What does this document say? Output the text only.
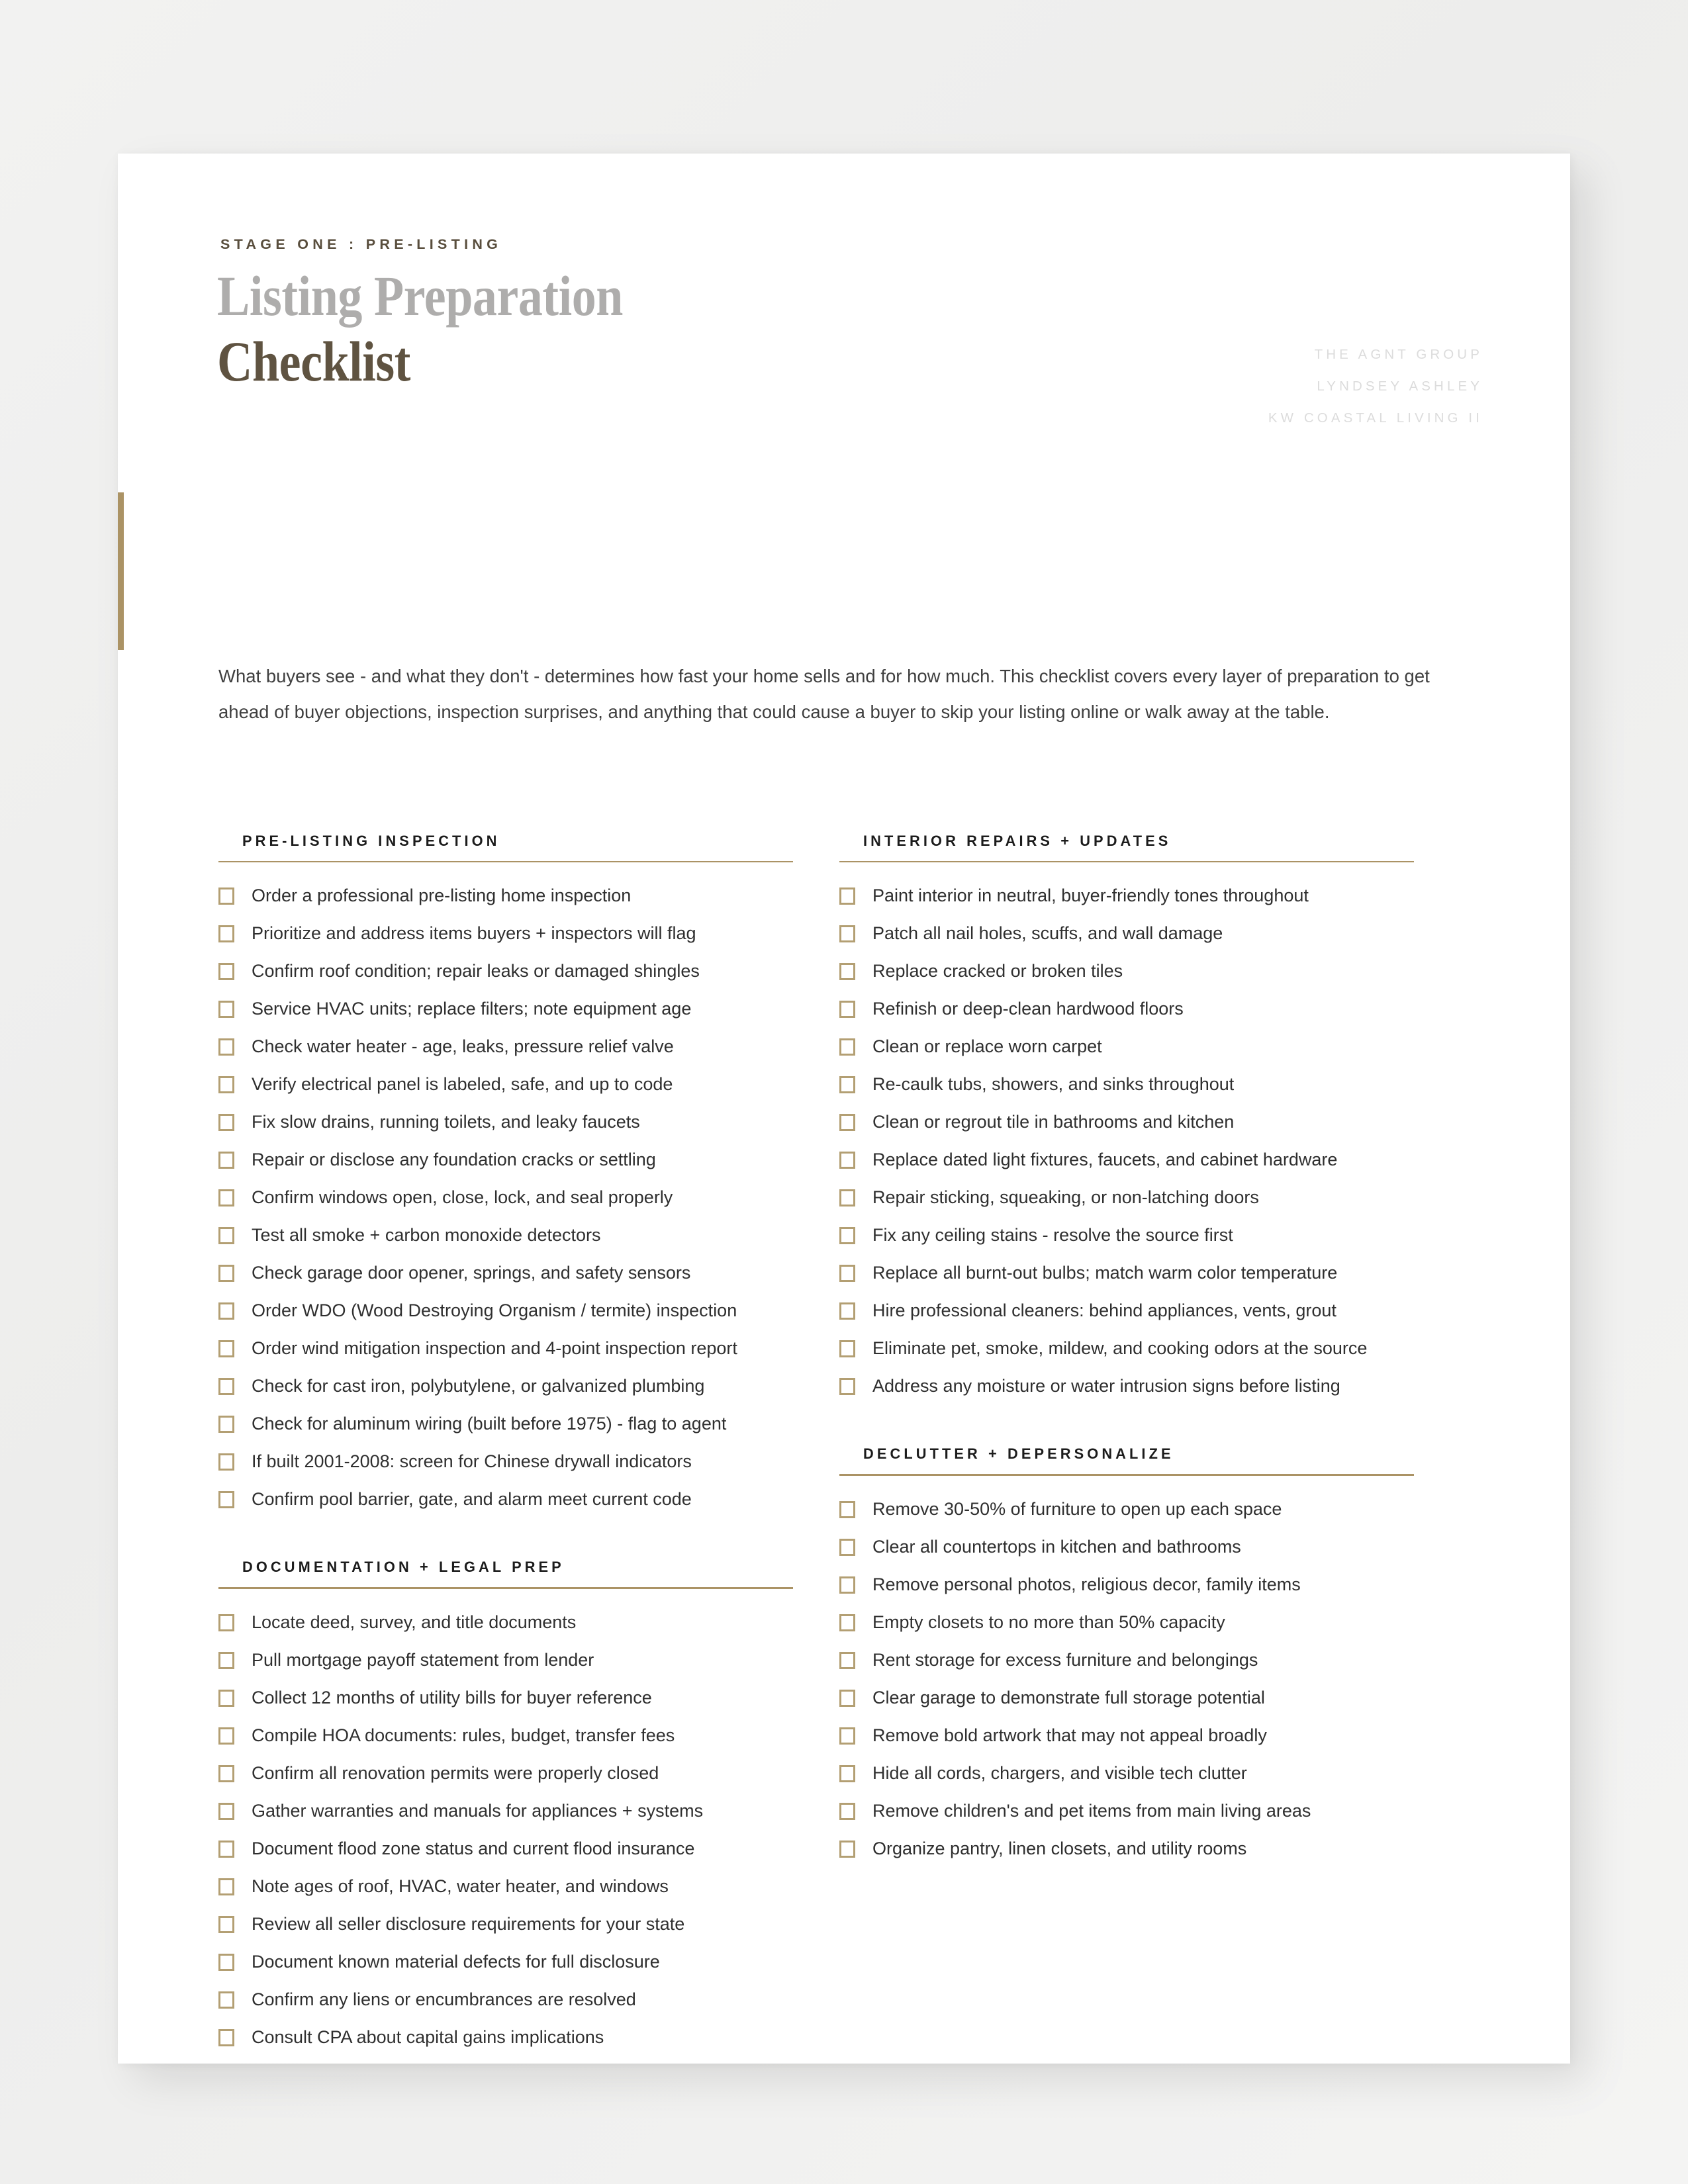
STAGE ONE : PRE-LISTING
Listing Preparation
Checklist	THE AGNT GROUP
LYNDSEY ASHLEY
KW COASTAL LIVING II
What buyers see - and what they don't - determines how fast your home sells and for how much. This checklist covers every layer of preparation to get ahead of buyer objections, inspection surprises, and anything that could cause a buyer to skip your listing online or walk away at the table.
PRE-LISTING INSPECTION
Order a professional pre-listing home inspection
Prioritize and address items buyers + inspectors will flag
Confirm roof condition; repair leaks or damaged shingles
Service HVAC units; replace filters; note equipment age
Check water heater - age, leaks, pressure relief valve
Verify electrical panel is labeled, safe, and up to code
Fix slow drains, running toilets, and leaky faucets
Repair or disclose any foundation cracks or settling
Confirm windows open, close, lock, and seal properly
Test all smoke + carbon monoxide detectors
Check garage door opener, springs, and safety sensors
Order WDO (Wood Destroying Organism / termite) inspection
Order wind mitigation inspection and 4-point inspection report
Check for cast iron, polybutylene, or galvanized plumbing
Check for aluminum wiring (built before 1975) - flag to agent
If built 2001-2008: screen for Chinese drywall indicators
Confirm pool barrier, gate, and alarm meet current code
DOCUMENTATION + LEGAL PREP
Locate deed, survey, and title documents
Pull mortgage payoff statement from lender
Collect 12 months of utility bills for buyer reference
Compile HOA documents: rules, budget, transfer fees
Confirm all renovation permits were properly closed
Gather warranties and manuals for appliances + systems
Document flood zone status and current flood insurance
Note ages of roof, HVAC, water heater, and windows
Review all seller disclosure requirements for your state
Document known material defects for full disclosure
Confirm any liens or encumbrances are resolved
Consult CPA about capital gains implications
INTERIOR REPAIRS + UPDATES
Paint interior in neutral, buyer-friendly tones throughout
Patch all nail holes, scuffs, and wall damage
Replace cracked or broken tiles
Refinish or deep-clean hardwood floors
Clean or replace worn carpet
Re-caulk tubs, showers, and sinks throughout
Clean or regrout tile in bathrooms and kitchen
Replace dated light fixtures, faucets, and cabinet hardware
Repair sticking, squeaking, or non-latching doors
Fix any ceiling stains - resolve the source first
Replace all burnt-out bulbs; match warm color temperature
Hire professional cleaners: behind appliances, vents, grout
Eliminate pet, smoke, mildew, and cooking odors at the source
Address any moisture or water intrusion signs before listing
DECLUTTER + DEPERSONALIZE
Remove 30-50% of furniture to open up each space
Clear all countertops in kitchen and bathrooms
Remove personal photos, religious decor, family items
Empty closets to no more than 50% capacity
Rent storage for excess furniture and belongings
Clear garage to demonstrate full storage potential
Remove bold artwork that may not appeal broadly
Hide all cords, chargers, and visible tech clutter
Remove children's and pet items from main living areas
Organize pantry, linen closets, and utility rooms
